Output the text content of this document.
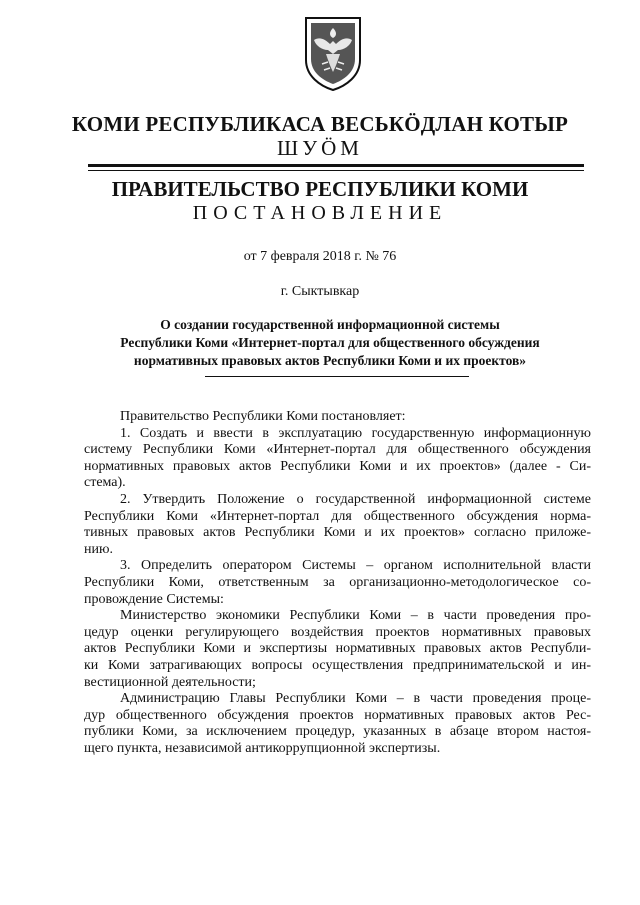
КОМИ РЕСПУБЛИКАСА ВЕСЬКӦДЛАН КОТЫР
ШУӦМ
ПРАВИТЕЛЬСТВО РЕСПУБЛИКИ КОМИ
ПОСТАНОВЛЕНИЕ
от 7 февраля 2018 г. № 76
г. Сыктывкар
О создании государственной информационной системы
Республики Коми «Интернет-портал для общественного обсуждения
нормативных правовых актов Республики Коми и их проектов»
Правительство Республики Коми постановляет:
1. Создать и ввести в эксплуатацию государственную информационную
систему Республики Коми «Интернет-портал для общественного обсуждения
нормативных правовых актов Республики Коми и их проектов» (далее - Си-
стема).
2. Утвердить Положение о государственной информационной системе
Республики Коми «Интернет-портал для общественного обсуждения норма-
тивных правовых актов Республики Коми и их проектов» согласно приложе-
нию.
3. Определить оператором Системы – органом исполнительной власти
Республики Коми, ответственным за организационно-методологическое со-
провождение Системы:
Министерство экономики Республики Коми – в части проведения про-
цедур оценки регулирующего воздействия проектов нормативных правовых
актов Республики Коми и экспертизы нормативных правовых актов Республи-
ки Коми затрагивающих вопросы осуществления предпринимательской и ин-
вестиционной деятельности;
Администрацию Главы Республики Коми – в части проведения проце-
дур общественного обсуждения проектов нормативных правовых актов Рес-
публики Коми, за исключением процедур, указанных в абзаце втором настоя-
щего пункта, независимой антикоррупционной экспертизы.
